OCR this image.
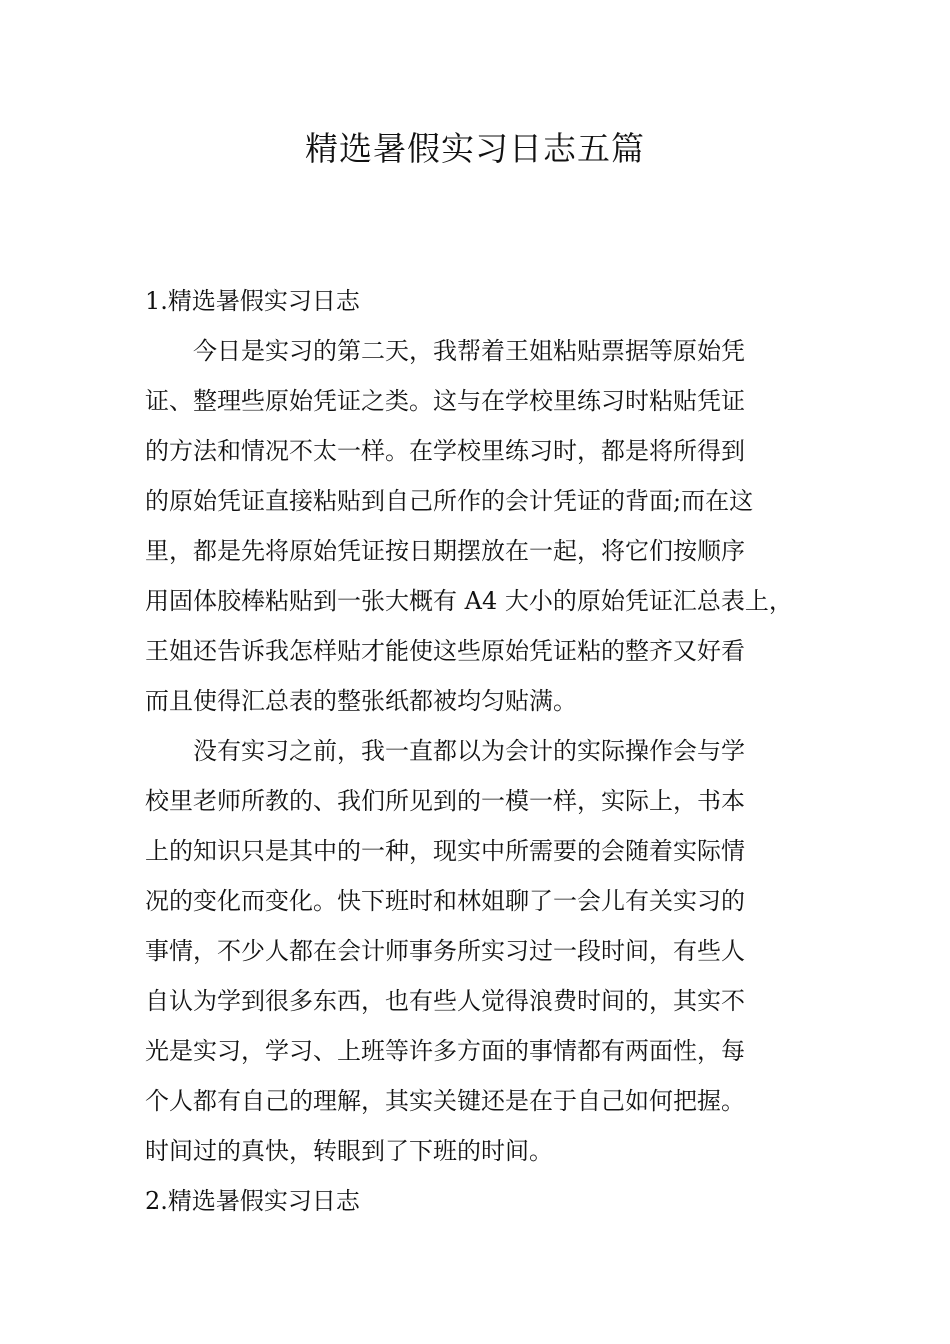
精选暑假实习日志五篇
1.精选暑假实习日志
今日是实习的第二天，我帮着王姐粘贴票据等原始凭
证、整理些原始凭证之类。这与在学校里练习时粘贴凭证
的方法和情况不太一样。在学校里练习时，都是将所得到
的原始凭证直接粘贴到自己所作的会计凭证的背面;而在这
里，都是先将原始凭证按日期摆放在一起，将它们按顺序
用固体胶棒粘贴到一张大概有 A4 大小的原始凭证汇总表上，
王姐还告诉我怎样贴才能使这些原始凭证粘的整齐又好看
而且使得汇总表的整张纸都被均匀贴满。
没有实习之前，我一直都以为会计的实际操作会与学
校里老师所教的、我们所见到的一模一样，实际上，书本
上的知识只是其中的一种，现实中所需要的会随着实际情
况的变化而变化。快下班时和林姐聊了一会儿有关实习的
事情，不少人都在会计师事务所实习过一段时间，有些人
自认为学到很多东西，也有些人觉得浪费时间的，其实不
光是实习，学习、上班等许多方面的事情都有两面性，每
个人都有自己的理解，其实关键还是在于自己如何把握。
时间过的真快，转眼到了下班的时间。
2.精选暑假实习日志
